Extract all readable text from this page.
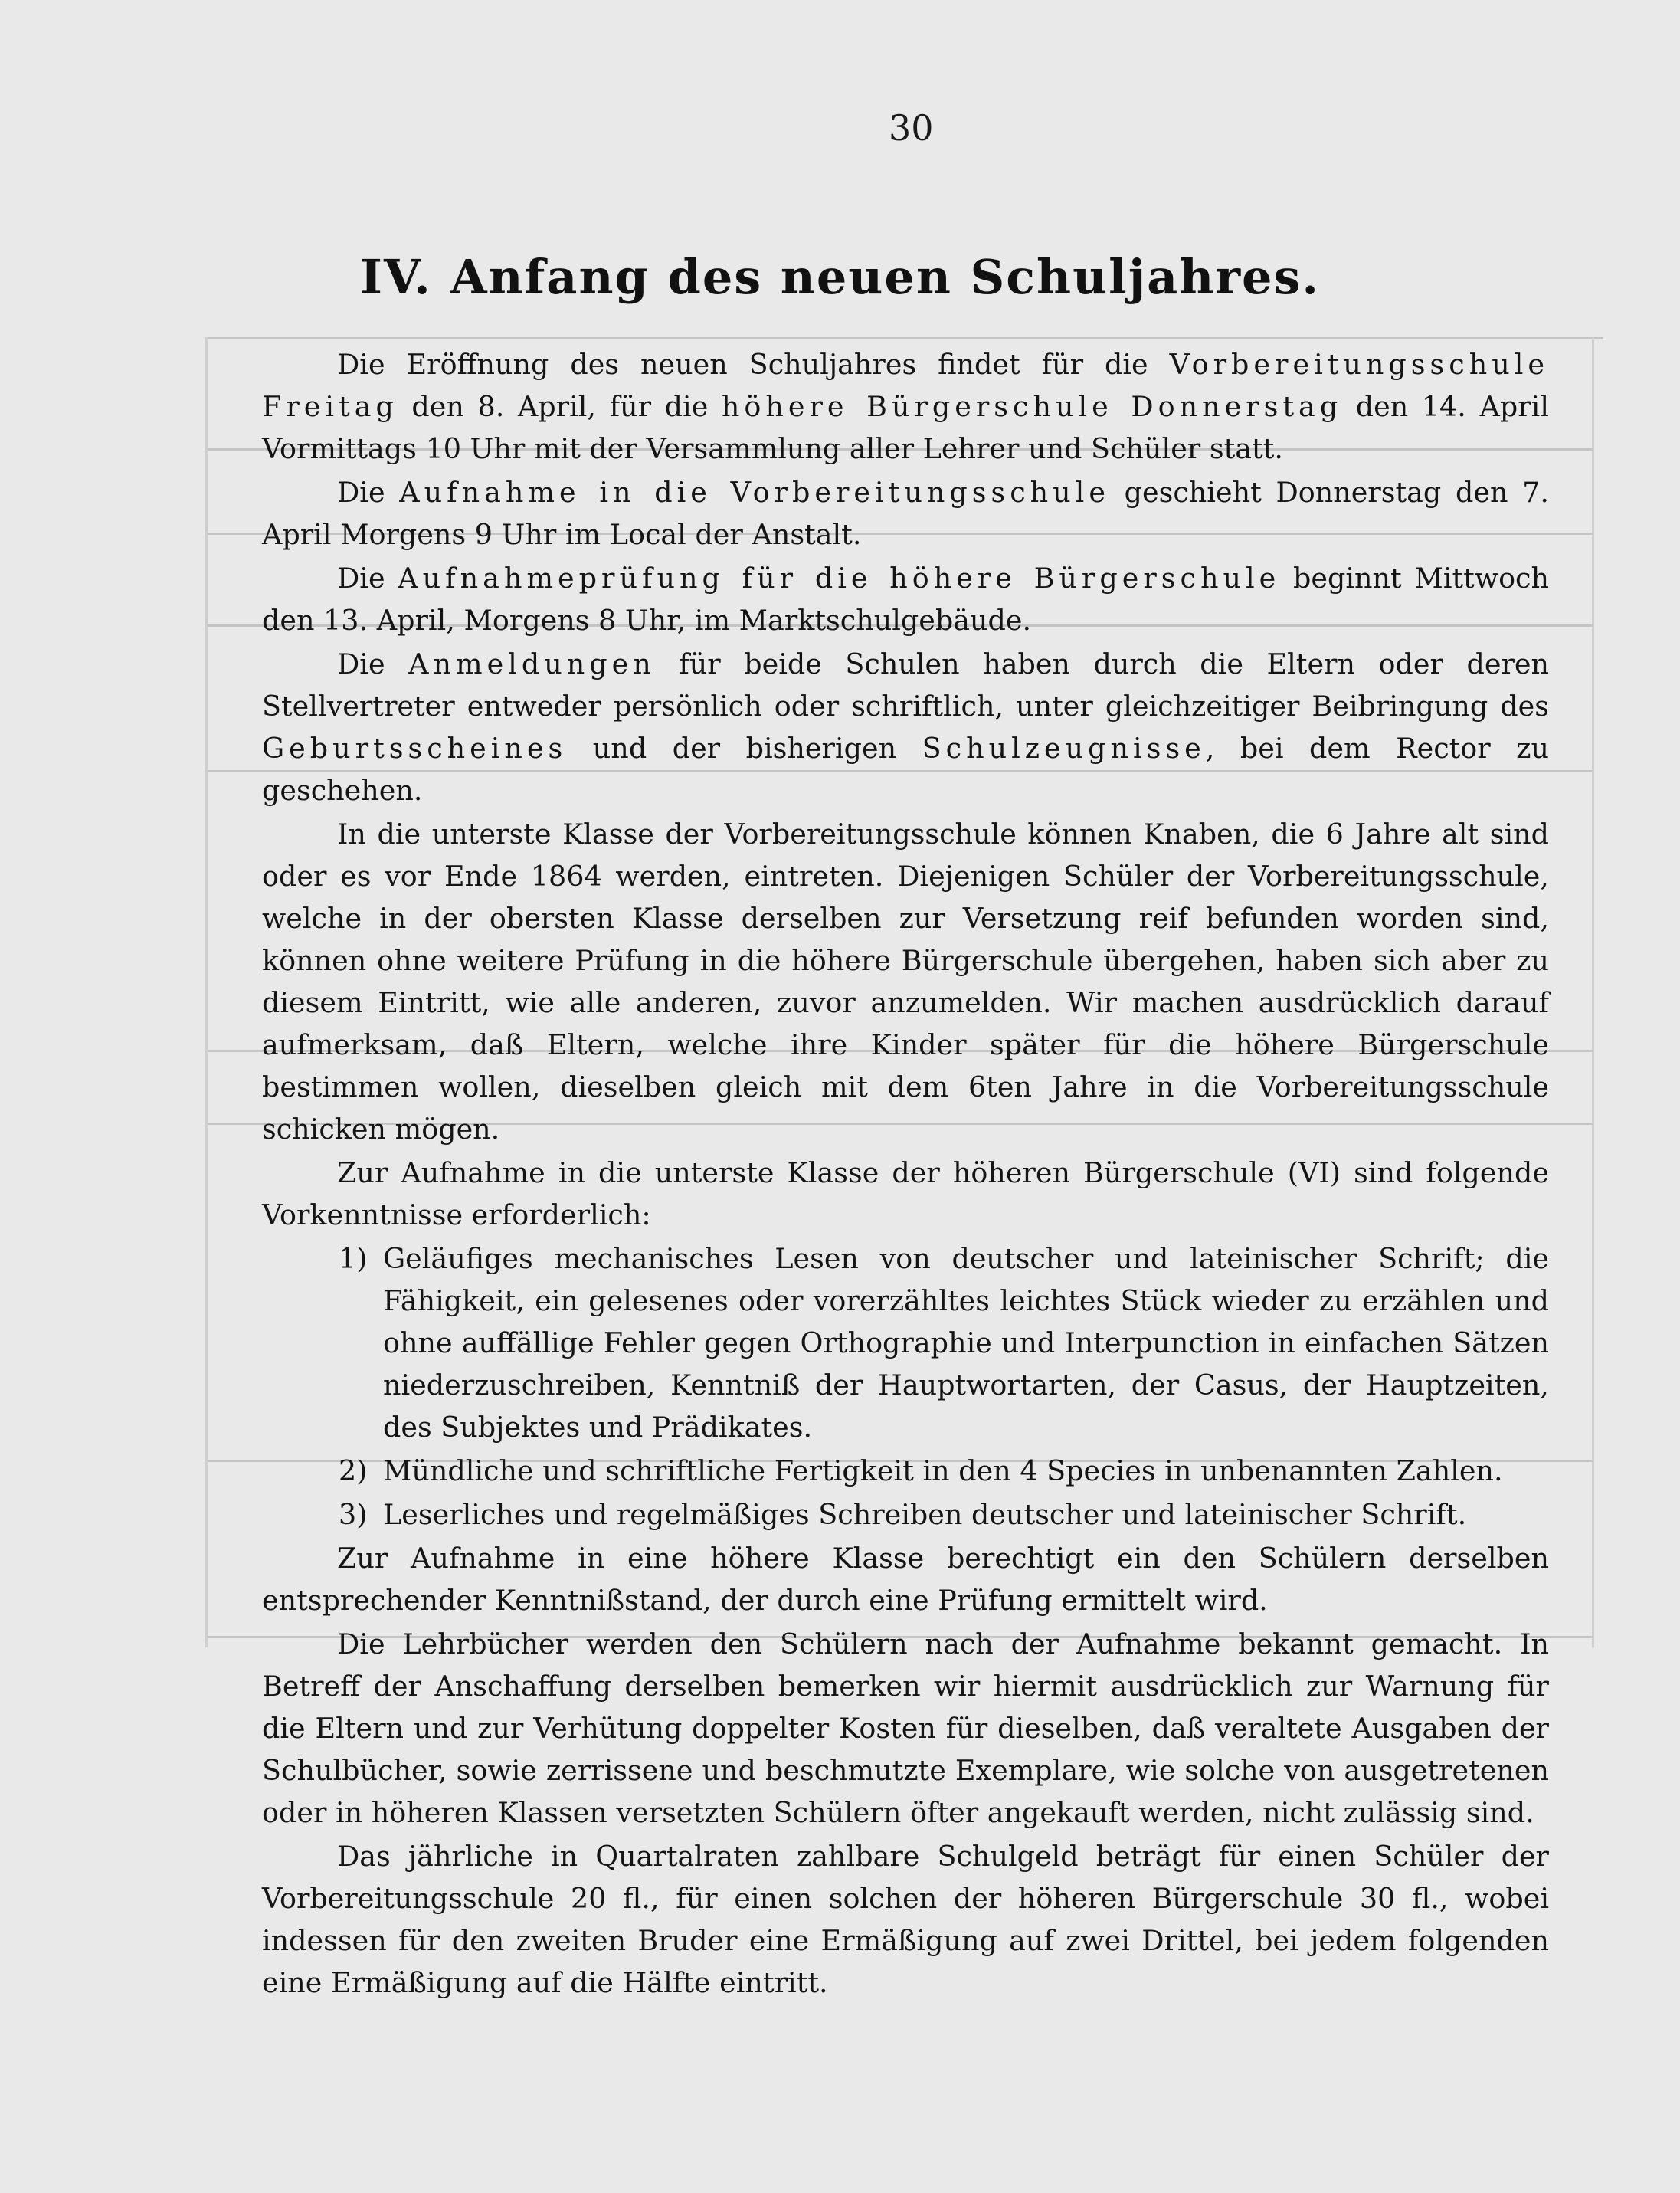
30
IV. Anfang des neuen Schuljahres.

Die Eröffnung des neuen Schuljahres findet für die Vorbereitungsschule Freitag den 8. April, für die höhere Bürgerschule Donnerstag den 14. April Vormittags 10 Uhr mit der Versammlung aller Lehrer und Schüler statt.

Die Aufnahme in die Vorbereitungsschule geschieht Donnerstag den 7. April Morgens 9 Uhr im Local der Anstalt.

Die Aufnahmeprüfung für die höhere Bürgerschule beginnt Mittwoch den 13. April, Morgens 8 Uhr, im Marktschulgebäude.

Die Anmeldungen für beide Schulen haben durch die Eltern oder deren Stellvertreter entweder persönlich oder schriftlich, unter gleichzeitiger Beibringung des Geburtsscheines und der bisherigen Schulzeugnisse, bei dem Rector zu geschehen.

In die unterste Klasse der Vorbereitungsschule können Knaben, die 6 Jahre alt sind oder es vor Ende 1864 werden, eintreten. Diejenigen Schüler der Vorbereitungsschule, welche in der obersten Klasse derselben zur Versetzung reif befunden worden sind, können ohne weitere Prüfung in die höhere Bürgerschule übergehen, haben sich aber zu diesem Eintritt, wie alle anderen, zuvor anzumelden. Wir machen ausdrücklich darauf aufmerksam, daß Eltern, welche ihre Kinder später für die höhere Bürgerschule bestimmen wollen, dieselben gleich mit dem 6ten Jahre in die Vorbereitungsschule schicken mögen.

Zur Aufnahme in die unterste Klasse der höheren Bürgerschule (VI) sind folgende Vorkenntnisse erforderlich:

1) Geläufiges mechanisches Lesen von deutscher und lateinischer Schrift; die Fähigkeit, ein gelesenes oder vorerzähltes leichtes Stück wieder zu erzählen und ohne auffällige Fehler gegen Orthographie und Interpunction in einfachen Sätzen niederzuschreiben, Kenntniß der Hauptwortarten, der Casus, der Hauptzeiten, des Subjektes und Prädikates.

2) Mündliche und schriftliche Fertigkeit in den 4 Species in unbenannten Zahlen.

3) Leserliches und regelmäßiges Schreiben deutscher und lateinischer Schrift.

Zur Aufnahme in eine höhere Klasse berechtigt ein den Schülern derselben entsprechender Kenntnißstand, der durch eine Prüfung ermittelt wird.

Die Lehrbücher werden den Schülern nach der Aufnahme bekannt gemacht. In Betreff der Anschaffung derselben bemerken wir hiermit ausdrücklich zur Warnung für die Eltern und zur Verhütung doppelter Kosten für dieselben, daß veraltete Ausgaben der Schulbücher, sowie zerrissene und beschmutzte Exemplare, wie solche von ausgetretenen oder in höheren Klassen versetzten Schülern öfter angekauft werden, nicht zulässig sind.

Das jährliche in Quartalraten zahlbare Schulgeld beträgt für einen Schüler der Vorbereitungsschule 20 fl., für einen solchen der höheren Bürgerschule 30 fl., wobei indessen für den zweiten Bruder eine Ermäßigung auf zwei Drittel, bei jedem folgenden eine Ermäßigung auf die Hälfte eintritt.
